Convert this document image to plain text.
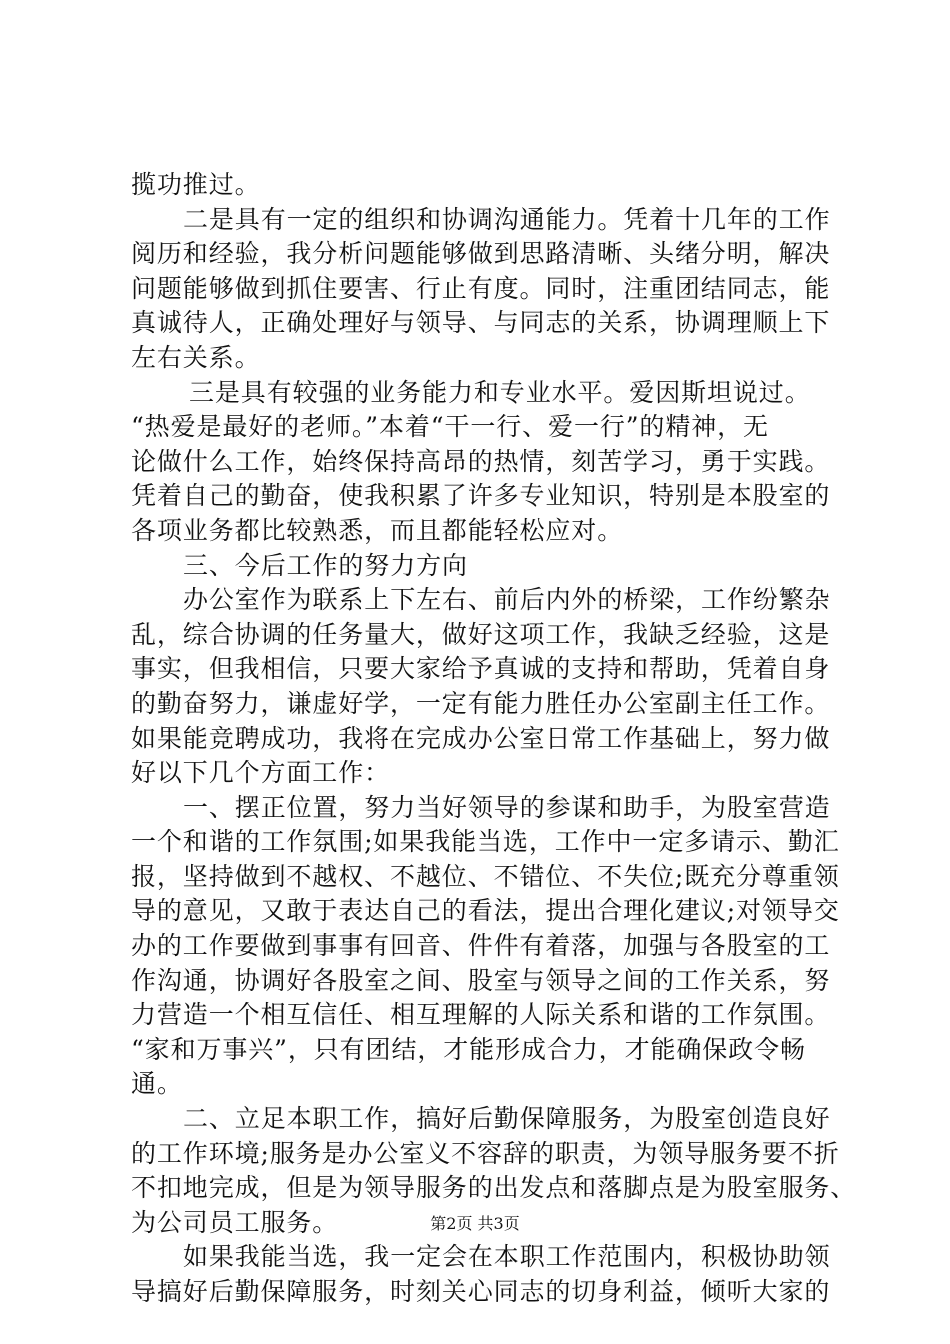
揽功推过。
二是具有一定的组织和协调沟通能力。凭着十几年的工作
阅历和经验，我分析问题能够做到思路清晰、头绪分明，解决
问题能够做到抓住要害、行止有度。同时，注重团结同志，能
真诚待人，正确处理好与领导、与同志的关系，协调理顺上下
左右关系。
三是具有较强的业务能力和专业水平。爱因斯坦说过。
“热爱是最好的老师。”本着“干一行、爱一行”的精神，无
论做什么工作，始终保持高昂的热情，刻苦学习，勇于实践。
凭着自己的勤奋，使我积累了许多专业知识，特别是本股室的
各项业务都比较熟悉，而且都能轻松应对。
三、今后工作的努力方向
办公室作为联系上下左右、前后内外的桥梁，工作纷繁杂
乱，综合协调的任务量大，做好这项工作，我缺乏经验，这是
事实，但我相信，只要大家给予真诚的支持和帮助，凭着自身
的勤奋努力，谦虚好学，一定有能力胜任办公室副主任工作。
如果能竞聘成功，我将在完成办公室日常工作基础上，努力做
好以下几个方面工作：
一、摆正位置，努力当好领导的参谋和助手，为股室营造
一个和谐的工作氛围;如果我能当选，工作中一定多请示、勤汇
报，坚持做到不越权、不越位、不错位、不失位;既充分尊重领
导的意见，又敢于表达自己的看法，提出合理化建议;对领导交
办的工作要做到事事有回音、件件有着落，加强与各股室的工
作沟通，协调好各股室之间、股室与领导之间的工作关系，努
力营造一个相互信任、相互理解的人际关系和谐的工作氛围。
“家和万事兴”，只有团结，才能形成合力，才能确保政令畅
通。
二、立足本职工作，搞好后勤保障服务，为股室创造良好
的工作环境;服务是办公室义不容辞的职责，为领导服务要不折
不扣地完成，但是为领导服务的出发点和落脚点是为股室服务、
为公司员工服务。
如果我能当选，我一定会在本职工作范围内，积极协助领
导搞好后勤保障服务，时刻关心同志的切身利益，倾听大家的
第2页 共3页
